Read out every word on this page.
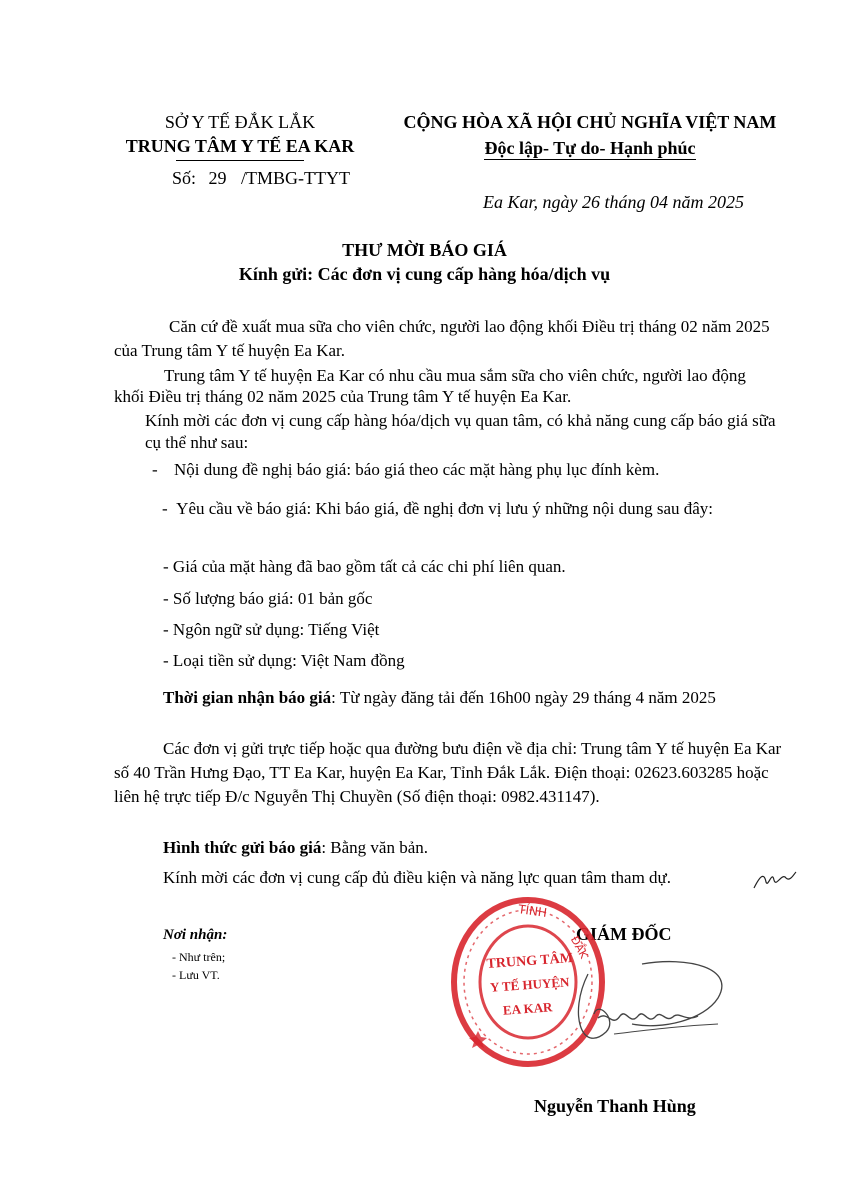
SỞ Y TẾ ĐẮK LẮK
TRUNG TÂM Y TẾ EA KAR
Số: 29 /TMBG-TTYT
CỘNG HÒA XÃ HỘI CHỦ NGHĨA VIỆT NAM
Độc lập- Tự do- Hạnh phúc
Ea Kar, ngày 26 tháng 04 năm 2025
THƯ MỜI BÁO GIÁ
Kính gửi: Các đơn vị cung cấp hàng hóa/dịch vụ
Căn cứ đề xuất mua sữa cho viên chức, người lao động khối Điều trị tháng 02 năm 2025 của Trung tâm Y tế huyện Ea Kar.
Trung tâm Y tế huyện Ea Kar có nhu cầu mua sắm sữa cho viên chức, người lao động khối Điều trị tháng 02 năm 2025 của Trung tâm Y tế huyện Ea Kar.
Kính mời các đơn vị cung cấp hàng hóa/dịch vụ quan tâm, có khả năng cung cấp báo giá sữa cụ thể như sau:
- Nội dung đề nghị báo giá: báo giá theo các mặt hàng phụ lục đính kèm.
-  Yêu cầu về báo giá: Khi báo giá, đề nghị đơn vị lưu ý những nội dung sau đây:
- Giá của mặt hàng đã bao gồm tất cả các chi phí liên quan.
- Số lượng báo giá: 01 bản gốc
- Ngôn ngữ sử dụng: Tiếng Việt
- Loại tiền sử dụng: Việt Nam đồng
Thời gian nhận báo giá: Từ ngày đăng tải đến 16h00 ngày 29 tháng 4 năm 2025
Các đơn vị gửi trực tiếp hoặc qua đường bưu điện về địa chỉ: Trung tâm Y tế huyện Ea Kar số 40 Trần Hưng Đạo, TT Ea Kar, huyện Ea Kar, Tỉnh Đắk Lắk. Điện thoại: 02623.603285 hoặc liên hệ trực tiếp Đ/c Nguyễn Thị Chuyền (Số điện thoại: 0982.431147).
Hình thức gửi báo giá: Bằng văn bản.
Kính mời các đơn vị cung cấp đủ điều kiện và năng lực quan tâm tham dự.
Nơi nhận:
- Như trên;
- Lưu VT.
GIÁM ĐỐC
TỈNH
ĐẮK
TRUNG TÂM
Y TẾ HUYỆN
EA KAR
Nguyễn Thanh Hùng
